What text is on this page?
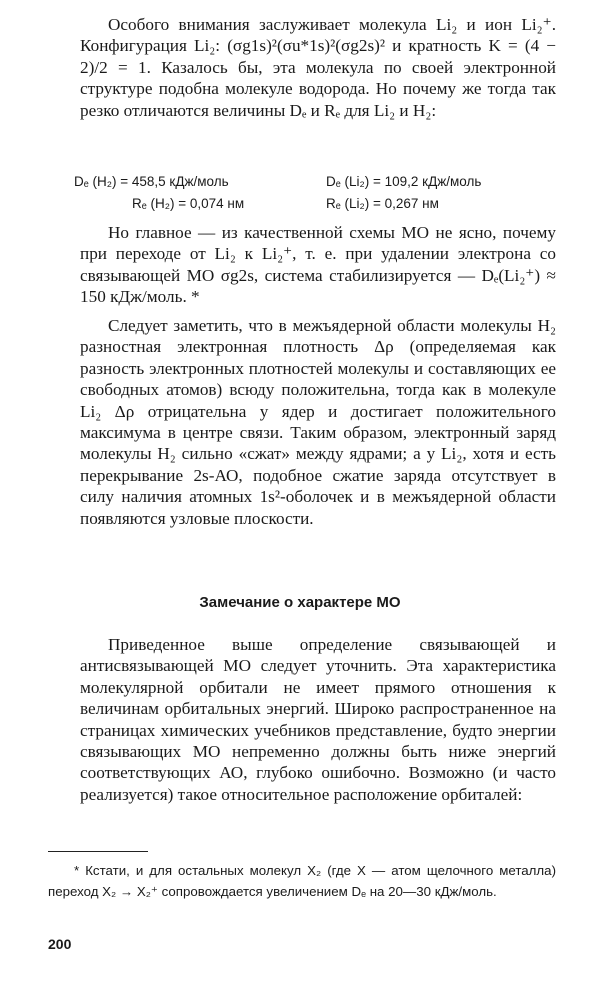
Особого внимания заслуживает молекула Li₂ и ион Li₂⁺. Конфигурация Li₂: (σg1s)²(σu*1s)²(σg2s)² и кратность K = (4 − 2)/2 = 1. Казалось бы, эта молекула по своей электронной структуре подобна молекуле водорода. Но почему же тогда так резко отличаются величины Dₑ и Rₑ для Li₂ и H₂:

Dₑ (H₂) = 458,5 кДж/моль	Dₑ (Li₂) = 109,2 кДж/моль
Rₑ (H₂) = 0,074 нм	Rₑ (Li₂) = 0,267 нм

Но главное — из качественной схемы МО не ясно, почему при переходе от Li₂ к Li₂⁺, т. е. при удалении электрона со связывающей МО σg2s, система стабилизируется — Dₑ(Li₂⁺) ≈ 150 кДж/моль. *

Следует заметить, что в межъядерной области молекулы H₂ разностная электронная плотность Δρ (определяемая как разность электронных плотностей молекулы и составляющих ее свободных атомов) всюду положительна, тогда как в молекуле Li₂ Δρ отрицательна у ядер и достигает положительного максимума в центре связи. Таким образом, электронный заряд молекулы H₂ сильно «сжат» между ядрами; а у Li₂, хотя и есть перекрывание 2s-АО, подобное сжатие заряда отсутствует в силу наличия атомных 1s²-оболочек и в межъядерной области появляются узловые плоскости.

Замечание о характере МО

Приведенное выше определение связывающей и антисвязывающей МО следует уточнить. Эта характеристика молекулярной орбитали не имеет прямого отношения к величинам орбитальных энергий. Широко распространенное на страницах химических учебников представление, будто энергии связывающих МО непременно должны быть ниже энергий соответствующих АО, глубоко ошибочно. Возможно (и часто реализуется) такое относительное расположение орбиталей:

* Кстати, и для остальных молекул X₂ (где X — атом щелочного металла) переход X₂ → X₂⁺ сопровождается увеличением Dₑ на 20—30 кДж/моль.
200
